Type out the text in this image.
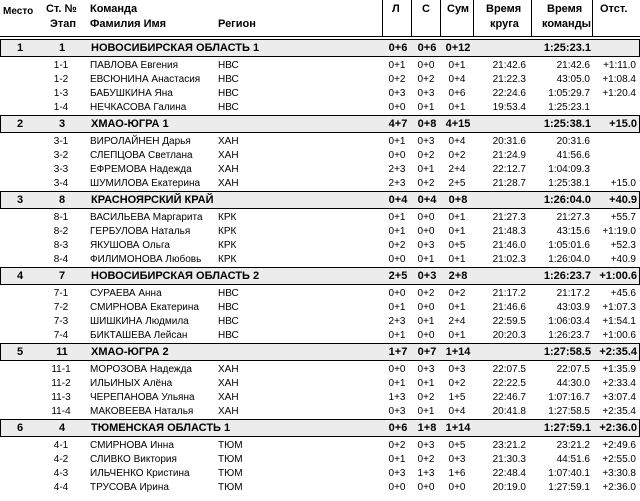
Место Ст. №
Этап
Команда
Фамилия Имя	Регион
Л С Сум Время
круга
Время
команды
Отст.
1	1	НОВОСИБИРСКАЯ ОБЛАСТЬ 1	0+6 0+6 0+12	1:25:23.1
1-1	ПАВЛОВА Евгения	НВС	0+1	0+0	0+1	21:42.6	21:42.6	+1:11.0
1-2	ЕВСЮНИНА Анастасия	НВС	0+2	0+2	0+4	21:22.3	43:05.0	+1:08.4
1-3	БАБУШКИНА Яна	НВС	0+3	0+3	0+6	22:24.6	1:05:29.7	+1:20.4
1-4	НЕЧКАСОВА Галина	НВС	0+0	0+1	0+1	19:53.4	1:25:23.1
2	3	ХМАО-ЮГРА 1	4+7 0+8 4+15	1:25:38.1	+15.0
3-1	ВИРОЛАЙНЕН Дарья	ХАН	0+1	0+3	0+4	20:31.6	20:31.6
3-2	СЛЕПЦОВА Светлана	ХАН	0+0	0+2	0+2	21:24.9	41:56.6
3-3	ЕФРЕМОВА Надежда	ХАН	2+3	0+1	2+4	22:12.7	1:04:09.3
3-4	ШУМИЛОВА Екатерина	ХАН	2+3	0+2	2+5	21:28.7	1:25:38.1	+15.0
3	8	КРАСНОЯРСКИЙ КРАЙ	0+4 0+4	0+8	1:26:04.0	+40.9
8-1	ВАСИЛЬЕВА Маргарита	КРК	0+1	0+0	0+1	21:27.3	21:27.3	+55.7
8-2	ГЕРБУЛОВА Наталья	КРК	0+1	0+0	0+1	21:48.3	43:15.6	+1:19.0
8-3	ЯКУШОВА Ольга	КРК	0+2	0+3	0+5	21:46.0	1:05:01.6	+52.3
8-4	ФИЛИМОНОВА Любовь	КРК	0+0	0+1	0+1	21:02.3	1:26:04.0	+40.9
4	7	НОВОСИБИРСКАЯ ОБЛАСТЬ 2	2+5 0+3	2+8	1:26:23.7 +1:00.6
7-1	СУРАЕВА Анна	НВС	0+0	0+2	0+2	21:17.2	21:17.2	+45.6
7-2	СМИРНОВА Екатерина	НВС	0+1	0+0	0+1	21:46.6	43:03.9	+1:07.3
7-3	ШИШКИНА Людмила	НВС	2+3	0+1	2+4	22:59.5	1:06:03.4	+1:54.1
7-4	БИКТАШЕВА Лейсан	НВС	0+1	0+0	0+1	20:20.3	1:26:23.7	+1:00.6
5	11	ХМАО-ЮГРА 2	1+7 0+7 1+14	1:27:58.5 +2:35.4
11-1	МОРОЗОВА Надежда	ХАН	0+0	0+3	0+3	22:07.5	22:07.5	+1:35.9
11-2	ИЛЬИНЫХ Алёна	ХАН	0+1	0+1	0+2	22:22.5	44:30.0	+2:33.4
11-3	ЧЕРЕПАНОВА Ульяна	ХАН	1+3	0+2	1+5	22:46.7	1:07:16.7	+3:07.4
11-4	МАКОВЕЕВА Наталья	ХАН	0+3	0+1	0+4	20:41.8	1:27:58.5	+2:35.4
6	4	ТЮМЕНСКАЯ ОБЛАСТЬ 1	0+6 1+8 1+14	1:27:59.1 +2:36.0
4-1	СМИРНОВА Инна	ТЮМ	0+2	0+3	0+5	23:21.2	23:21.2	+2:49.6
4-2	СЛИВКО Виктория	ТЮМ	0+1	0+2	0+3	21:30.3	44:51.6	+2:55.0
4-3	ИЛЬЧЕНКО Кристина	ТЮМ	0+3	1+3	1+6	22:48.4	1:07:40.1	+3:30.8
4-4	ТРУСОВА Ирина	ТЮМ	0+0	0+0	0+0	20:19.0	1:27:59.1	+2:36.0
